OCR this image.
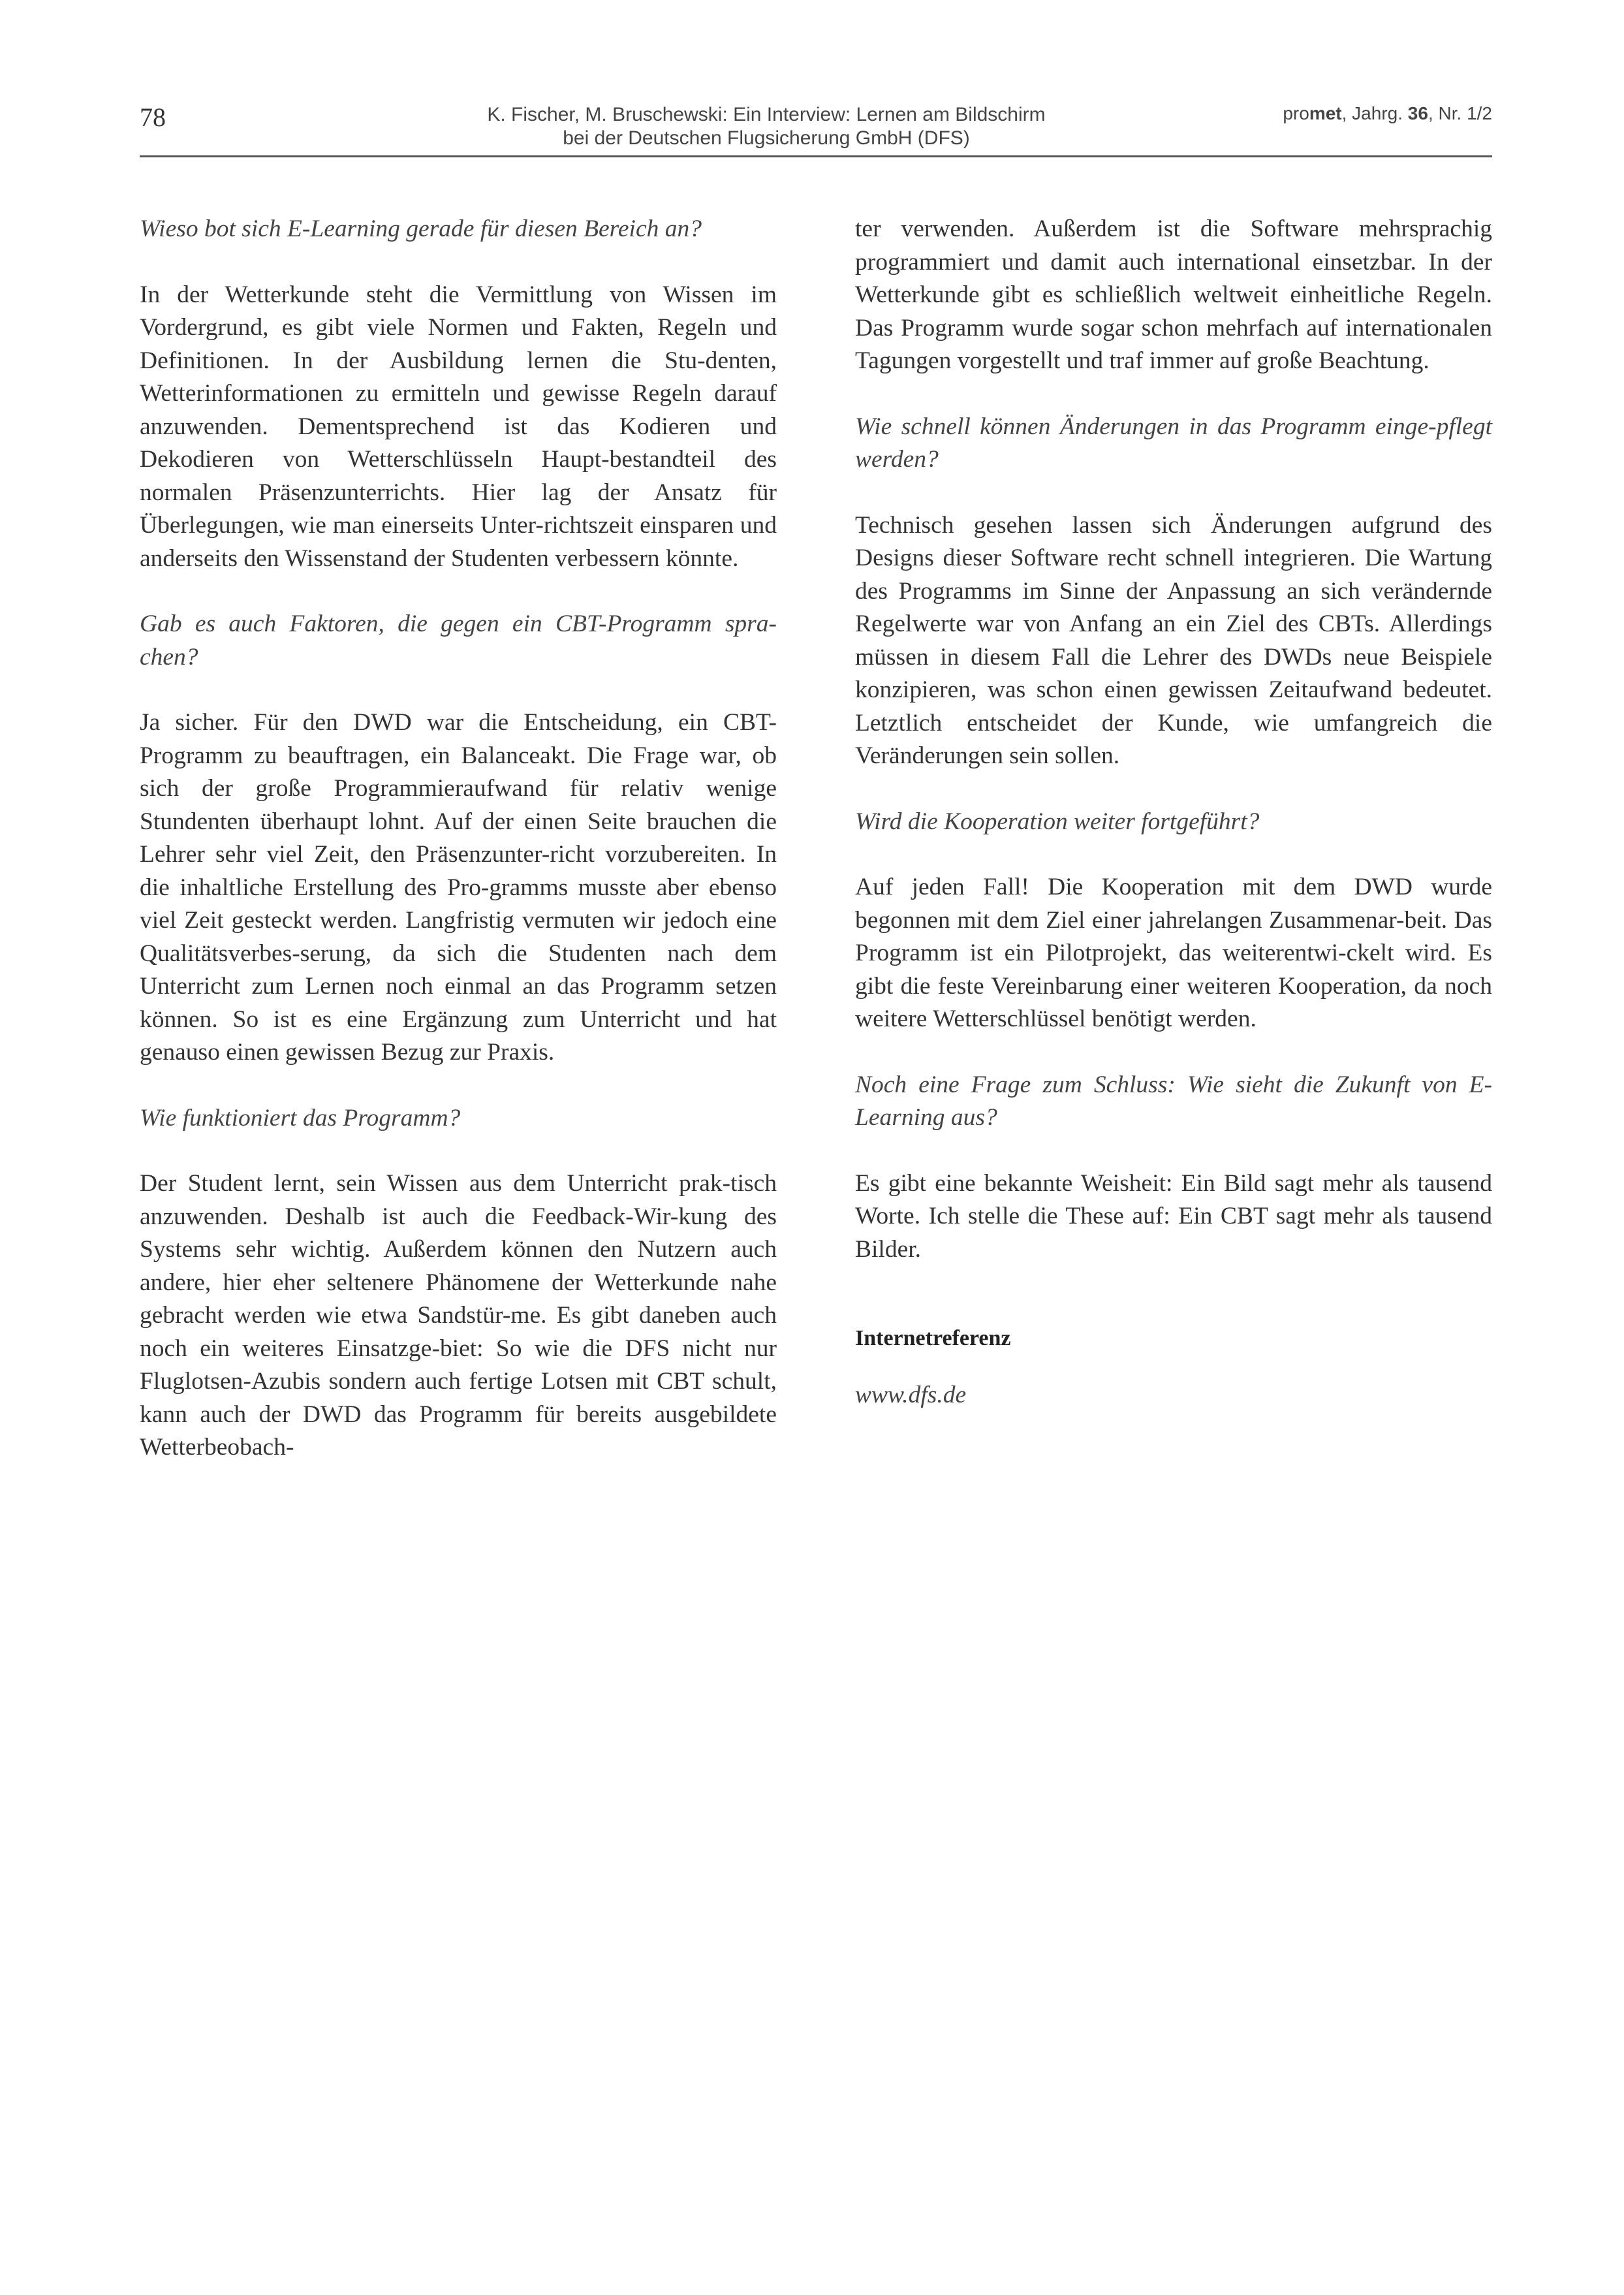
78	K. Fischer, M. Bruschewski: Ein Interview: Lernen am Bildschirm
bei der Deutschen Flugsicherung GmbH (DFS)
promet, Jahrg. 36, Nr. 1/2

Wieso bot sich E-Learning gerade für diesen Bereich an?

In der Wetterkunde steht die Vermittlung von Wissen im Vordergrund, es gibt viele Normen und Fakten, Regeln und Definitionen. In der Ausbildung lernen die Stu-denten, Wetterinformationen zu ermitteln und gewisse Regeln darauf anzuwenden. Dementsprechend ist das Kodieren und Dekodieren von Wetterschlüsseln Haupt-bestandteil des normalen Präsenzunterrichts. Hier lag der Ansatz für Überlegungen, wie man einerseits Unter-richtszeit einsparen und anderseits den Wissenstand der Studenten verbessern könnte.

Gab es auch Faktoren, die gegen ein CBT-Programm spra-chen?

Ja sicher. Für den DWD war die Entscheidung, ein CBT-Programm zu beauftragen, ein Balanceakt. Die Frage war, ob sich der große Programmieraufwand für relativ wenige Stundenten überhaupt lohnt. Auf der einen Seite brauchen die Lehrer sehr viel Zeit, den Präsenzunter-richt vorzubereiten. In die inhaltliche Erstellung des Pro-gramms musste aber ebenso viel Zeit gesteckt werden. Langfristig vermuten wir jedoch eine Qualitätsverbes-serung, da sich die Studenten nach dem Unterricht zum Lernen noch einmal an das Programm setzen können. So ist es eine Ergänzung zum Unterricht und hat genauso einen gewissen Bezug zur Praxis.

Wie funktioniert das Programm?

Der Student lernt, sein Wissen aus dem Unterricht prak-tisch anzuwenden. Deshalb ist auch die Feedback-Wir-kung des Systems sehr wichtig. Außerdem können den Nutzern auch andere, hier eher seltenere Phänomene der Wetterkunde nahe gebracht werden wie etwa Sandstür-me. Es gibt daneben auch noch ein weiteres Einsatzge-biet: So wie die DFS nicht nur Fluglotsen-Azubis sondern auch fertige Lotsen mit CBT schult, kann auch der DWD das Programm für bereits ausgebildete Wetterbeobach-

ter verwenden. Außerdem ist die Software mehrsprachig programmiert und damit auch international einsetzbar. In der Wetterkunde gibt es schließlich weltweit einheitliche Regeln. Das Programm wurde sogar schon mehrfach auf internationalen Tagungen vorgestellt und traf immer auf große Beachtung.

Wie schnell können Änderungen in das Programm einge-pflegt werden?

Technisch gesehen lassen sich Änderungen aufgrund des Designs dieser Software recht schnell integrieren. Die Wartung des Programms im Sinne der Anpassung an sich verändernde Regelwerte war von Anfang an ein Ziel des CBTs. Allerdings müssen in diesem Fall die Lehrer des DWDs neue Beispiele konzipieren, was schon einen gewissen Zeitaufwand bedeutet. Letztlich entscheidet der Kunde, wie umfangreich die Veränderungen sein sollen.

Wird die Kooperation weiter fortgeführt?

Auf jeden Fall! Die Kooperation mit dem DWD wurde begonnen mit dem Ziel einer jahrelangen Zusammenar-beit. Das Programm ist ein Pilotprojekt, das weiterentwi-ckelt wird. Es gibt die feste Vereinbarung einer weiteren Kooperation, da noch weitere Wetterschlüssel benötigt werden.

Noch eine Frage zum Schluss: Wie sieht die Zukunft von E-Learning aus?

Es gibt eine bekannte Weisheit: Ein Bild sagt mehr als tausend Worte. Ich stelle die These auf: Ein CBT sagt mehr als tausend Bilder.

Internetreferenz

www.dfs.de
